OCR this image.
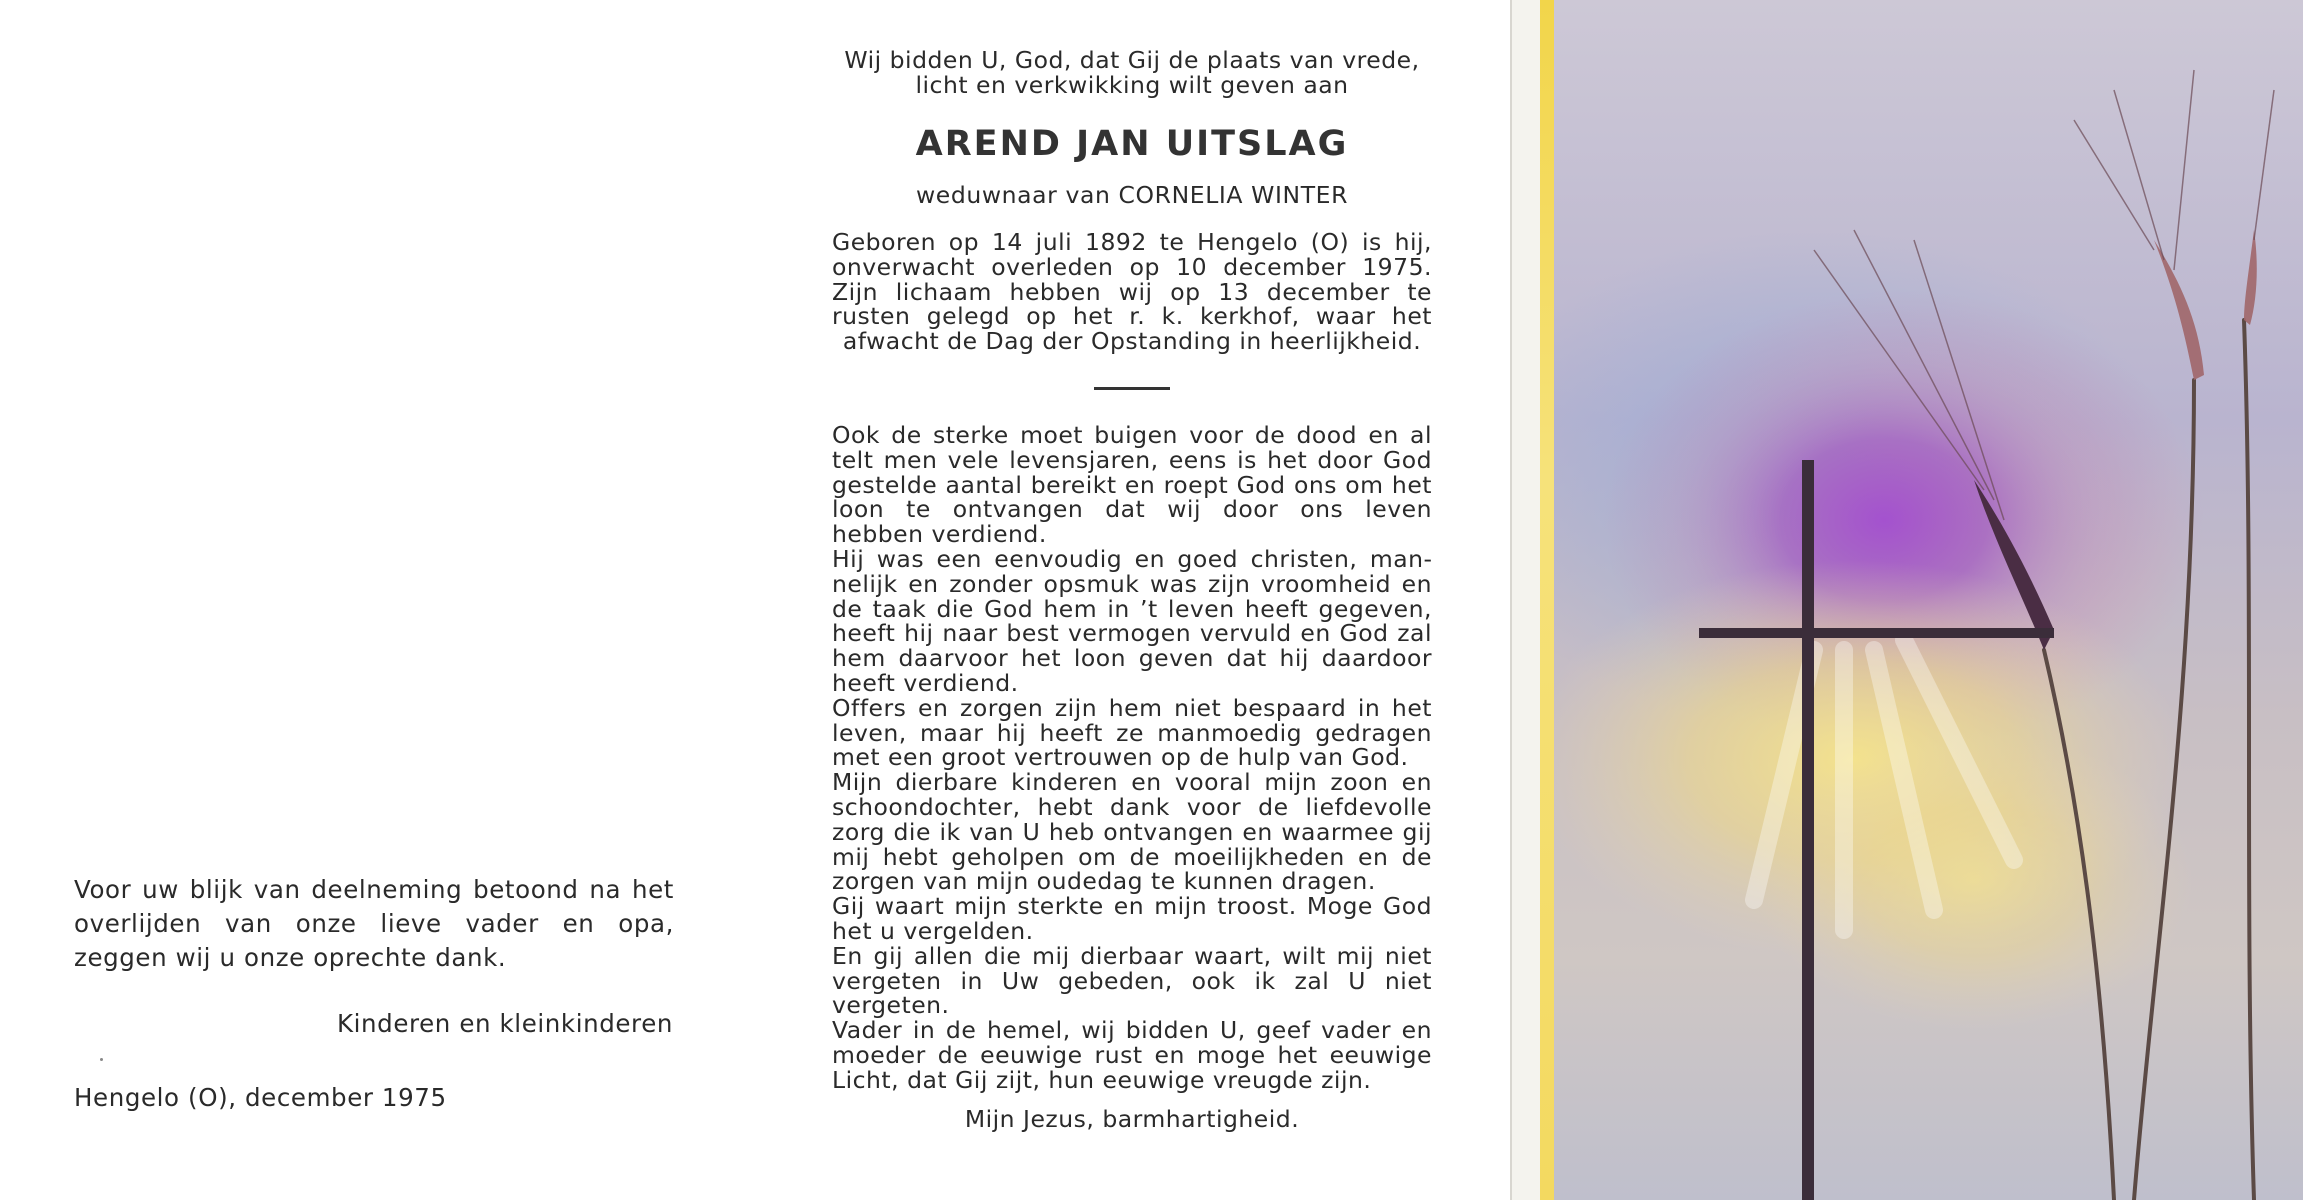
Voor uw blijk van deelneming betoond na het overlijden van onze lieve vader en opa, zeggen wij u onze oprechte dank.
Kinderen en kleinkinderen
Hengelo (O), december 1975
Wij bidden U, God, dat Gij de plaats van vrede,
licht en verkwikking wilt geven aan
AREND JAN UITSLAG
weduwnaar van CORNELIA WINTER
Geboren op 14 juli 1892 te Hengelo (O) is hij, onverwacht overleden op 10 december 1975. Zijn lichaam hebben wij op 13 december te rusten gelegd op het r. k. kerkhof, waar het afwacht de Dag der Opstanding in heerlijkheid.

Ook de sterke moet buigen voor de dood en al telt men vele levensjaren, eens is het door God gestelde aantal bereikt en roept God ons om het loon te ontvangen dat wij door ons leven hebben verdiend.

Hij was een eenvoudig en goed christen, mannelijk en zonder opsmuk was zijn vroomheid en de taak die God hem in ’t leven heeft gegeven, heeft hij naar best vermogen vervuld en God zal hem daarvoor het loon geven dat hij daardoor heeft verdiend.

Offers en zorgen zijn hem niet bespaard in het leven, maar hij heeft ze manmoedig gedragen met een groot vertrouwen op de hulp van God.

Mijn dierbare kinderen en vooral mijn zoon en schoondochter, hebt dank voor de liefdevolle zorg die ik van U heb ontvangen en waarmee gij mij hebt geholpen om de moeilijkheden en de zorgen van mijn oudedag te kunnen dragen.

Gij waart mijn sterkte en mijn troost. Moge God het u vergelden.

En gij allen die mij dierbaar waart, wilt mij niet vergeten in Uw gebeden, ook ik zal U niet vergeten.

Vader in de hemel, wij bidden U, geef vader en moeder de eeuwige rust en moge het eeuwige Licht, dat Gij zijt, hun eeuwige vreugde zijn.

Mijn Jezus, barmhartigheid.
